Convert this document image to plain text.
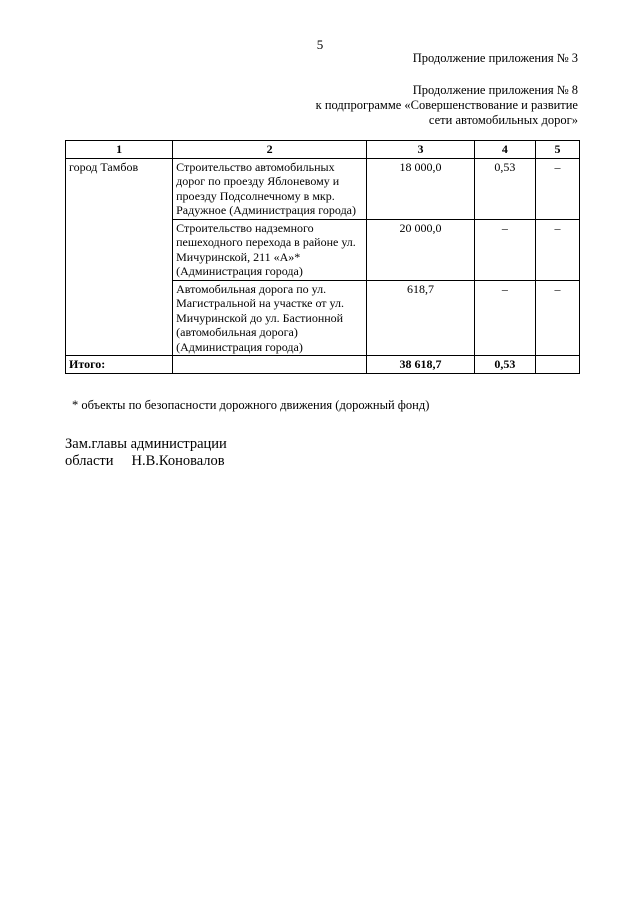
5
Продолжение приложения № 3
Продолжение приложения № 8
к подпрограмме «Совершенствование и развитие
сети автомобильных дорог»
1	2	3	4	5
город Тамбов	Строительство автомобильных дорог по проезду Яблоневому и проезду Подсолнечному в мкр. Радужное (Администрация города)	18 000,0	0,53	–
	Строительство надземного пешеходного перехода в районе ул. Мичуринской, 211 «А»* (Администрация города)	20 000,0	–	–
	Автомобильная дорога по ул. Магистральной на участке от ул. Мичуринской до ул. Бастионной (автомобильная дорога) (Администрация города)	618,7	–	–
Итого:		38 618,7	0,53	
* объекты по безопасности дорожного движения (дорожный фонд)
Зам.главы администрации
области Н.В.Коновалов
